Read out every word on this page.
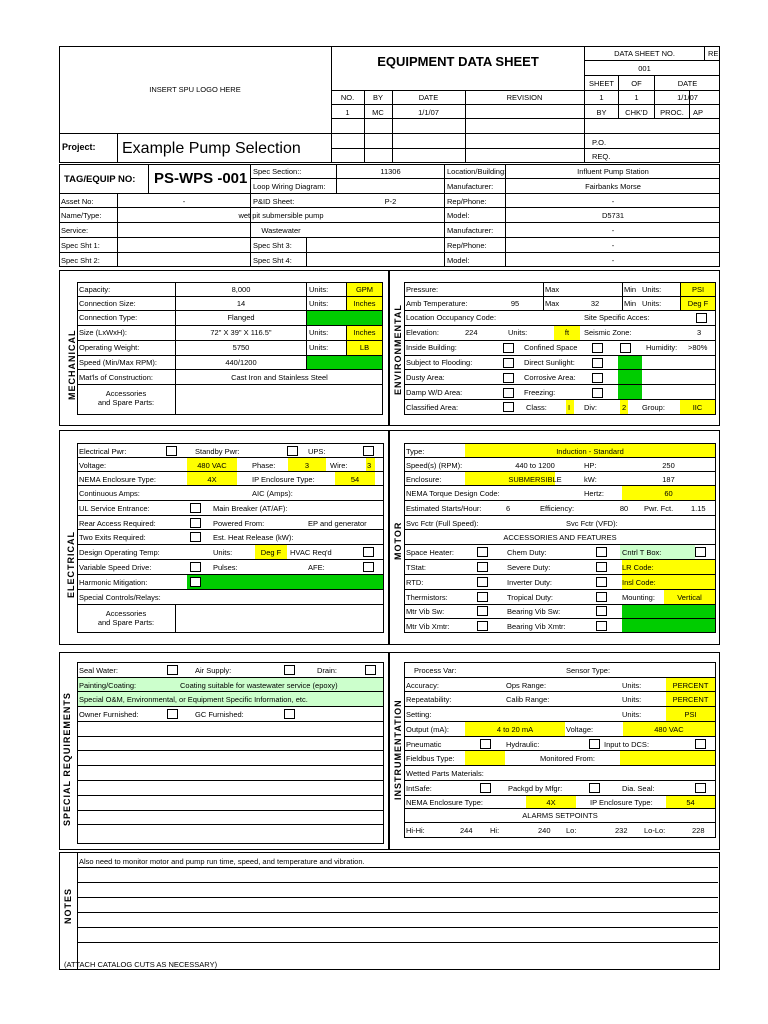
INSERT SPU LOGO HERE
EQUIPMENT DATA SHEET
NO.	BY	DATE	REVISION
1	MC	1/1/07
DATA SHEET NO.	RE
001
SHEET	OF	DATE
1	1	1/1/07
BY	CHK'D	PROC.	AP
P.O.
REQ.
Project: Example Pump Selection
TAG/EQUIP NO: PS-WPS -001 Spec Section::	11306
Loop Wiring Diagram:
Location/Building:	Influent Pump Station
Manufacturer:	Fairbanks Morse
Asset No:	-	P&ID Sheet:	P-2	Rep/Phone:	-
Name/Type:	wet pit submersible pump	Model:	D5731
Service:	Wastewater	Manufacturer:	-
Spec Sht 1:	Spec Sht 3:	Rep/Phone:	-
Spec Sht 2:	Spec Sht 4:	Model:	-
MECHANICAL
Capacity:	8,000	Units:	GPM
Connection Size:	14	Units:	Inches
Connection Type:	Flanged
Size (LxWxH):	72" X 39" X 116.5"	Units:	Inches
Operating Weight:	5750	Units:	LB
Speed (Min/Max RPM):	440/1200
Mat'ls of Construction:	Cast Iron and Stainless Steel
Accessories
and Spare Parts:
ENVIRONMENTAL
Pressure:	Max	Min Units:	PSI
Amb Temperature:	95	Max	32	Min Units:	Deg F
Location Occupancy Code:	Site Specific Acces:
Elevation:	224	Units:	ft	Seismic Zone:	3
Inside Building:	Confined Space	Humidity: >80%
Subject to Flooding:	Direct Sunlight:
Dusty Area:	Corrosive Area:
Damp W/D Area:	Freezing:
Classified Area:	Class:	I Div:	2 Group:	IIC
ELECTRICAL
Electrical Pwr:	Standby Pwr:	UPS:
Voltage:	480 VAC	Phase:	3	Wire:	3
NEMA Enclosure Type:	4X	IP Enclosure Type:	54
Continuous Amps:	AIC (Amps):
UL Service Entrance:	Main Breaker (AT/AF):
Rear Access Required:	Powered From:	EP and generator
Two Exits Required:	Est. Heat Release (kW):
Design Operating Temp:	Units:	Deg F	HVAC Req'd
Variable Speed Drive:	Pulses:	AFE:
Harmonic Mitigation:
Special Controls/Relays:
Accessories
and Spare Parts:
MOTOR
Type:	Induction - Standard
Speed(s) (RPM):	440 to 1200	HP:	250
Enclosure:	SUBMERSIBLE	kW:	187
NEMA Torque Design Code:	Hertz:	60
Estimated Starts/Hour:	6	Efficiency:	80	Pwr. Fct. 1.15
Svc Fctr (Full Speed):	Svc Fctr (VFD):
ACCESSORIES AND FEATURES
Space Heater:	Chem Duty:	Cntrl T Box:
TStat:	Severe Duty:	LR Code:
RTD:	Inverter Duty:	Insl Code:
Thermistors:	Tropical Duty:	Mounting:	Vertical
Mtr Vib Sw:	Bearing Vib Sw:
Mtr Vib Xmtr:	Bearing Vib Xmtr:
SPECIAL REQUIREMENTS
Seal Water:	Air Supply:	Drain:
Painting/Coating:	Coating suitable for wastewater service (epoxy)
Special O&M, Environmental, or Equipment Specific Information, etc.
Owner Furnished:	GC Furnished:	INSTRUMENTATION
Process Var:	Sensor Type:
Accuracy:	Ops Range:	Units:	PERCENT
Repeatability:	Calib Range:	Units:	PERCENT
Setting:	Units:	PSI
Output (mA):	4 to 20 mA	Voltage:	480 VAC
Pneumatic	Hydraulic:	Input to DCS:
Fieldbus Type:	Monitored From:
Wetted Parts Materials:
IntSafe:	Packgd by Mfgr:	Dia. Seal:
NEMA Enclosure Type:	4X	IP Enclosure Type:	54
ALARMS SETPOINTS
Hi-Hi:	244 Hi:	240 Lo:	232 Lo-Lo:	228
NOTES
Also need to monitor motor and pump run time, speed, and temperature and vibration.
(ATTACH CATALOG CUTS AS NECESSARY)
